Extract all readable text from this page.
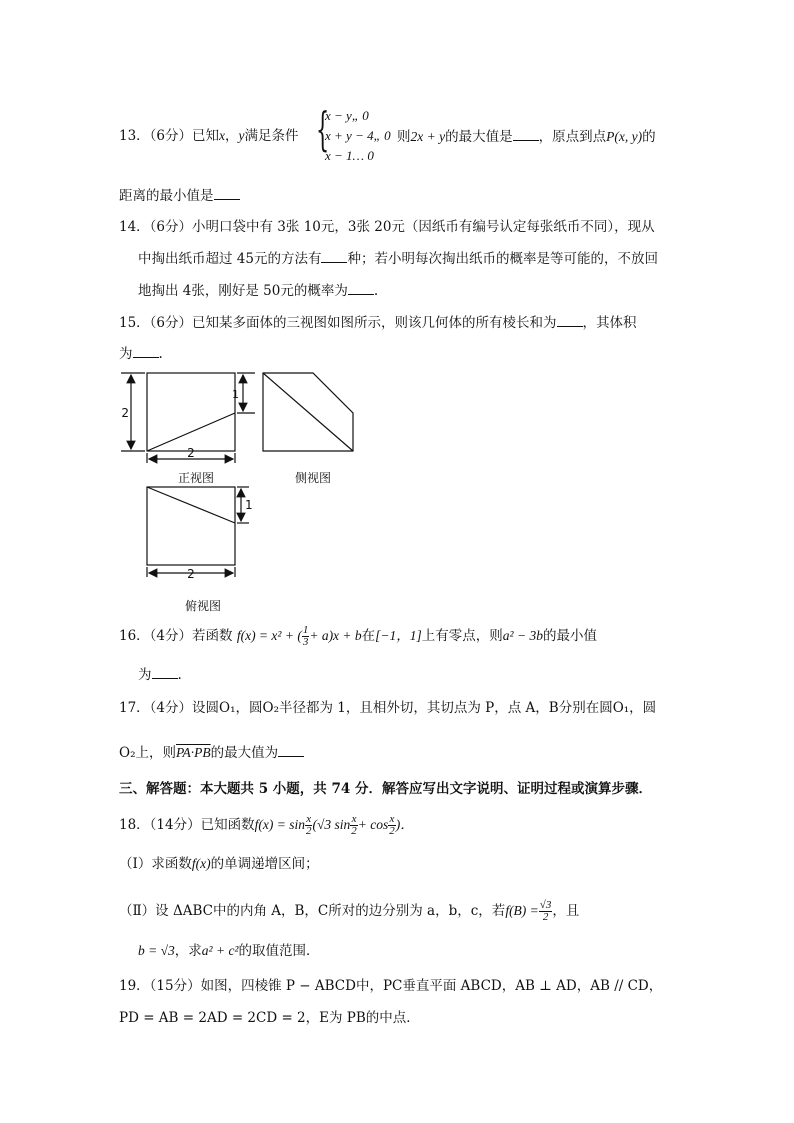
13．（6分）已知x，y满足条件 {
x − y„ 0
x + y − 4„ 0
x − 1… 0
则2x + y的最大值是 ，原点到点P(x, y)的
距离的最小值是
14．（6分）小明口袋中有 3张 10元，3张 20元（因纸币有编号认定每张纸币不同），现从
中掏出纸币超过 45元的方法有 种；若小明每次掏出纸币的概率是等可能的，不放回
地掏出 4张，刚好是 50元的概率为 .
15．（6分）已知某多面体的三视图如图所示，则该几何体的所有棱长和为 ，其体积
为 .
2
1
2
1
2
正视图	侧视图
俯视图
16．（4分）若函数 f(x) = x² + ( $\frac{1}{3} + a)x + b$在[−1，1]上有零点，则a² − 3b的最小值
为 .
17．（4分）设圆O₁，圆O₂半径都为 1，且相外切，其切点为 P，点 A，B分别在圆O₁，圆
O₂上，则PA·PB的最大值为
三、解答题：本大题共 5 小题，共 74 分．解答应写出文字说明、证明过程或演算步骤．
18．（14分）已知函数$f(x) = \sin \frac{x}{2} (√3$ $\sin \frac{x}{2} + \cos \frac{x}{2}$ )．
（Ⅰ）求函数f(x)的单调递增区间；
（Ⅱ）设 ΔABC中的内角 A，B，C所对的边分别为 a，b，c，若$f(B) = \frac{√3}{2}$ ，且
b = √3，求a² + c²的取值范围．
19．（15分）如图，四棱锥 P − ABCD中，PC垂直平面 ABCD，AB ⊥ AD，AB // CD，
PD = AB = 2AD = 2CD = 2，E为 PB的中点．
